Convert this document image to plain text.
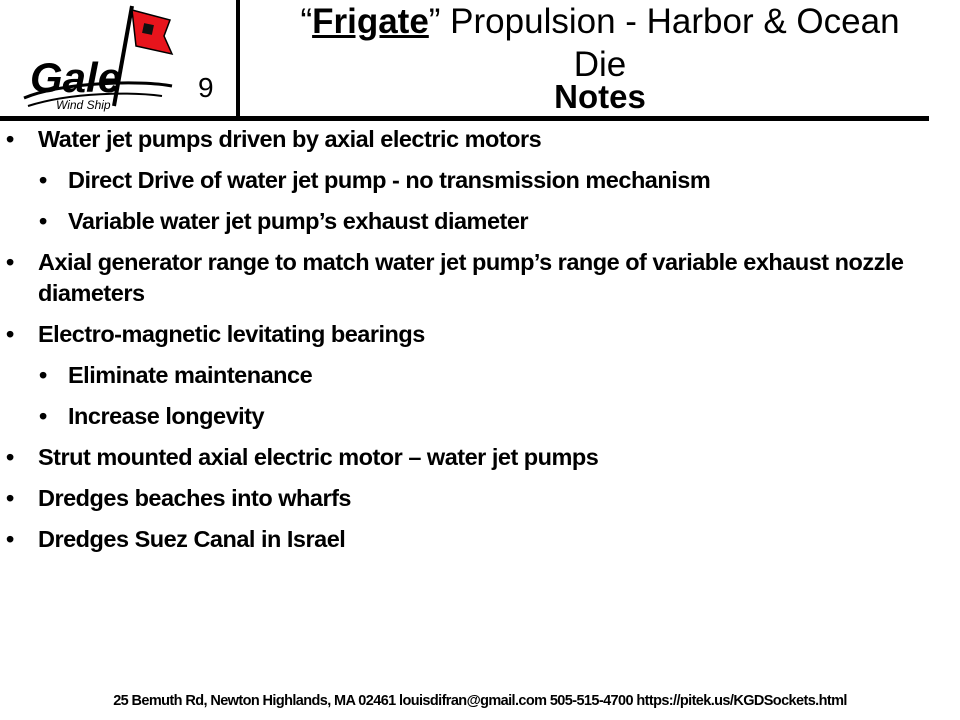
Gale
Wind Ship
9
“Frigate” Propulsion - Harbor & Ocean
Die
Notes
• Water jet pumps driven by axial electric motors
• Direct Drive of water jet pump - no transmission mechanism
• Variable water jet pump’s exhaust diameter
• Axial generator range to match water jet pump’s range of variable exhaust nozzle diameters
• Electro-magnetic levitating bearings
• Eliminate maintenance
• Increase longevity
• Strut mounted axial electric motor – water jet pumps
• Dredges beaches into wharfs
• Dredges Suez Canal in Israel
25 Bemuth Rd, Newton Highlands, MA 02461 louisdifran@gmail.com 505-515-4700 https://pitek.us/KGDSockets.html
